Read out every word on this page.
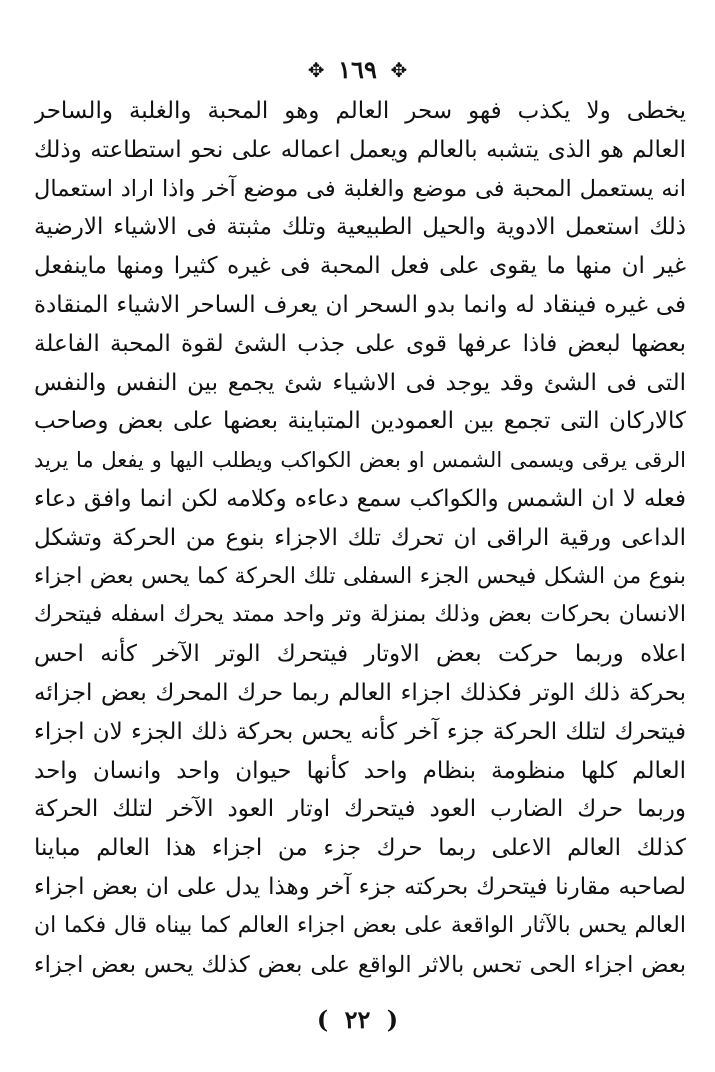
✥ ١٦٩ ✥
يخطى ولا يكذب فهو سحر العالم وهو المحبة والغلبة والساحر
العالم هو الذى يتشبه بالعالم ويعمل اعماله على نحو استطاعته وذلك
انه يستعمل المحبة فى موضع والغلبة فى موضع آخر واذا اراد استعمال
ذلك استعمل الادوية والحيل الطبيعية وتلك مثبتة فى الاشياء الارضية
غير ان منها ما يقوى على فعل المحبة فى غيره كثيرا ومنها ماينفعل
فى غيره فينقاد له وانما بدو السحر ان يعرف الساحر الاشياء المنقادة
بعضها لبعض فاذا عرفها قوى على جذب الشئ لقوة المحبة الفاعلة
التى فى الشئ وقد يوجد فى الاشياء شئ يجمع بين النفس والنفس
كالاركان التى تجمع بين العمودين المتباينة بعضها على بعض وصاحب
الرقى يرقى ويسمى الشمس او بعض الكواكب ويطلب اليها و يفعل ما يريد
فعله لا ان الشمس والكواكب سمع دعاءه وكلامه لكن انما وافق دعاء
الداعى ورقية الراقى ان تحرك تلك الاجزاء بنوع من الحركة وتشكل
بنوع من الشكل فيحس الجزء السفلى تلك الحركة كما يحس بعض اجزاء
الانسان بحركات بعض وذلك بمنزلة وتر واحد ممتد يحرك اسفله فيتحرك
اعلاه وربما حركت بعض الاوتار فيتحرك الوتر الآخر كأنه احس
بحركة ذلك الوتر فكذلك اجزاء العالم ربما حرك المحرك بعض اجزائه
فيتحرك لتلك الحركة جزء آخر كأنه يحس بحركة ذلك الجزء لان اجزاء
العالم كلها منظومة بنظام واحد كأنها حيوان واحد وانسان واحد
وربما حرك الضارب العود فيتحرك اوتار العود الآخر لتلك الحركة
كذلك العالم الاعلى ربما حرك جزء من اجزاء هذا العالم مباينا
لصاحبه مقارنا فيتحرك بحركته جزء آخر وهذا يدل على ان بعض اجزاء
العالم يحس بالآثار الواقعة على بعض اجزاء العالم كما بيناه قال فكما ان
بعض اجزاء الحى تحس بالاثر الواقع على بعض كذلك يحس بعض اجزاء
( ٢٢ )
